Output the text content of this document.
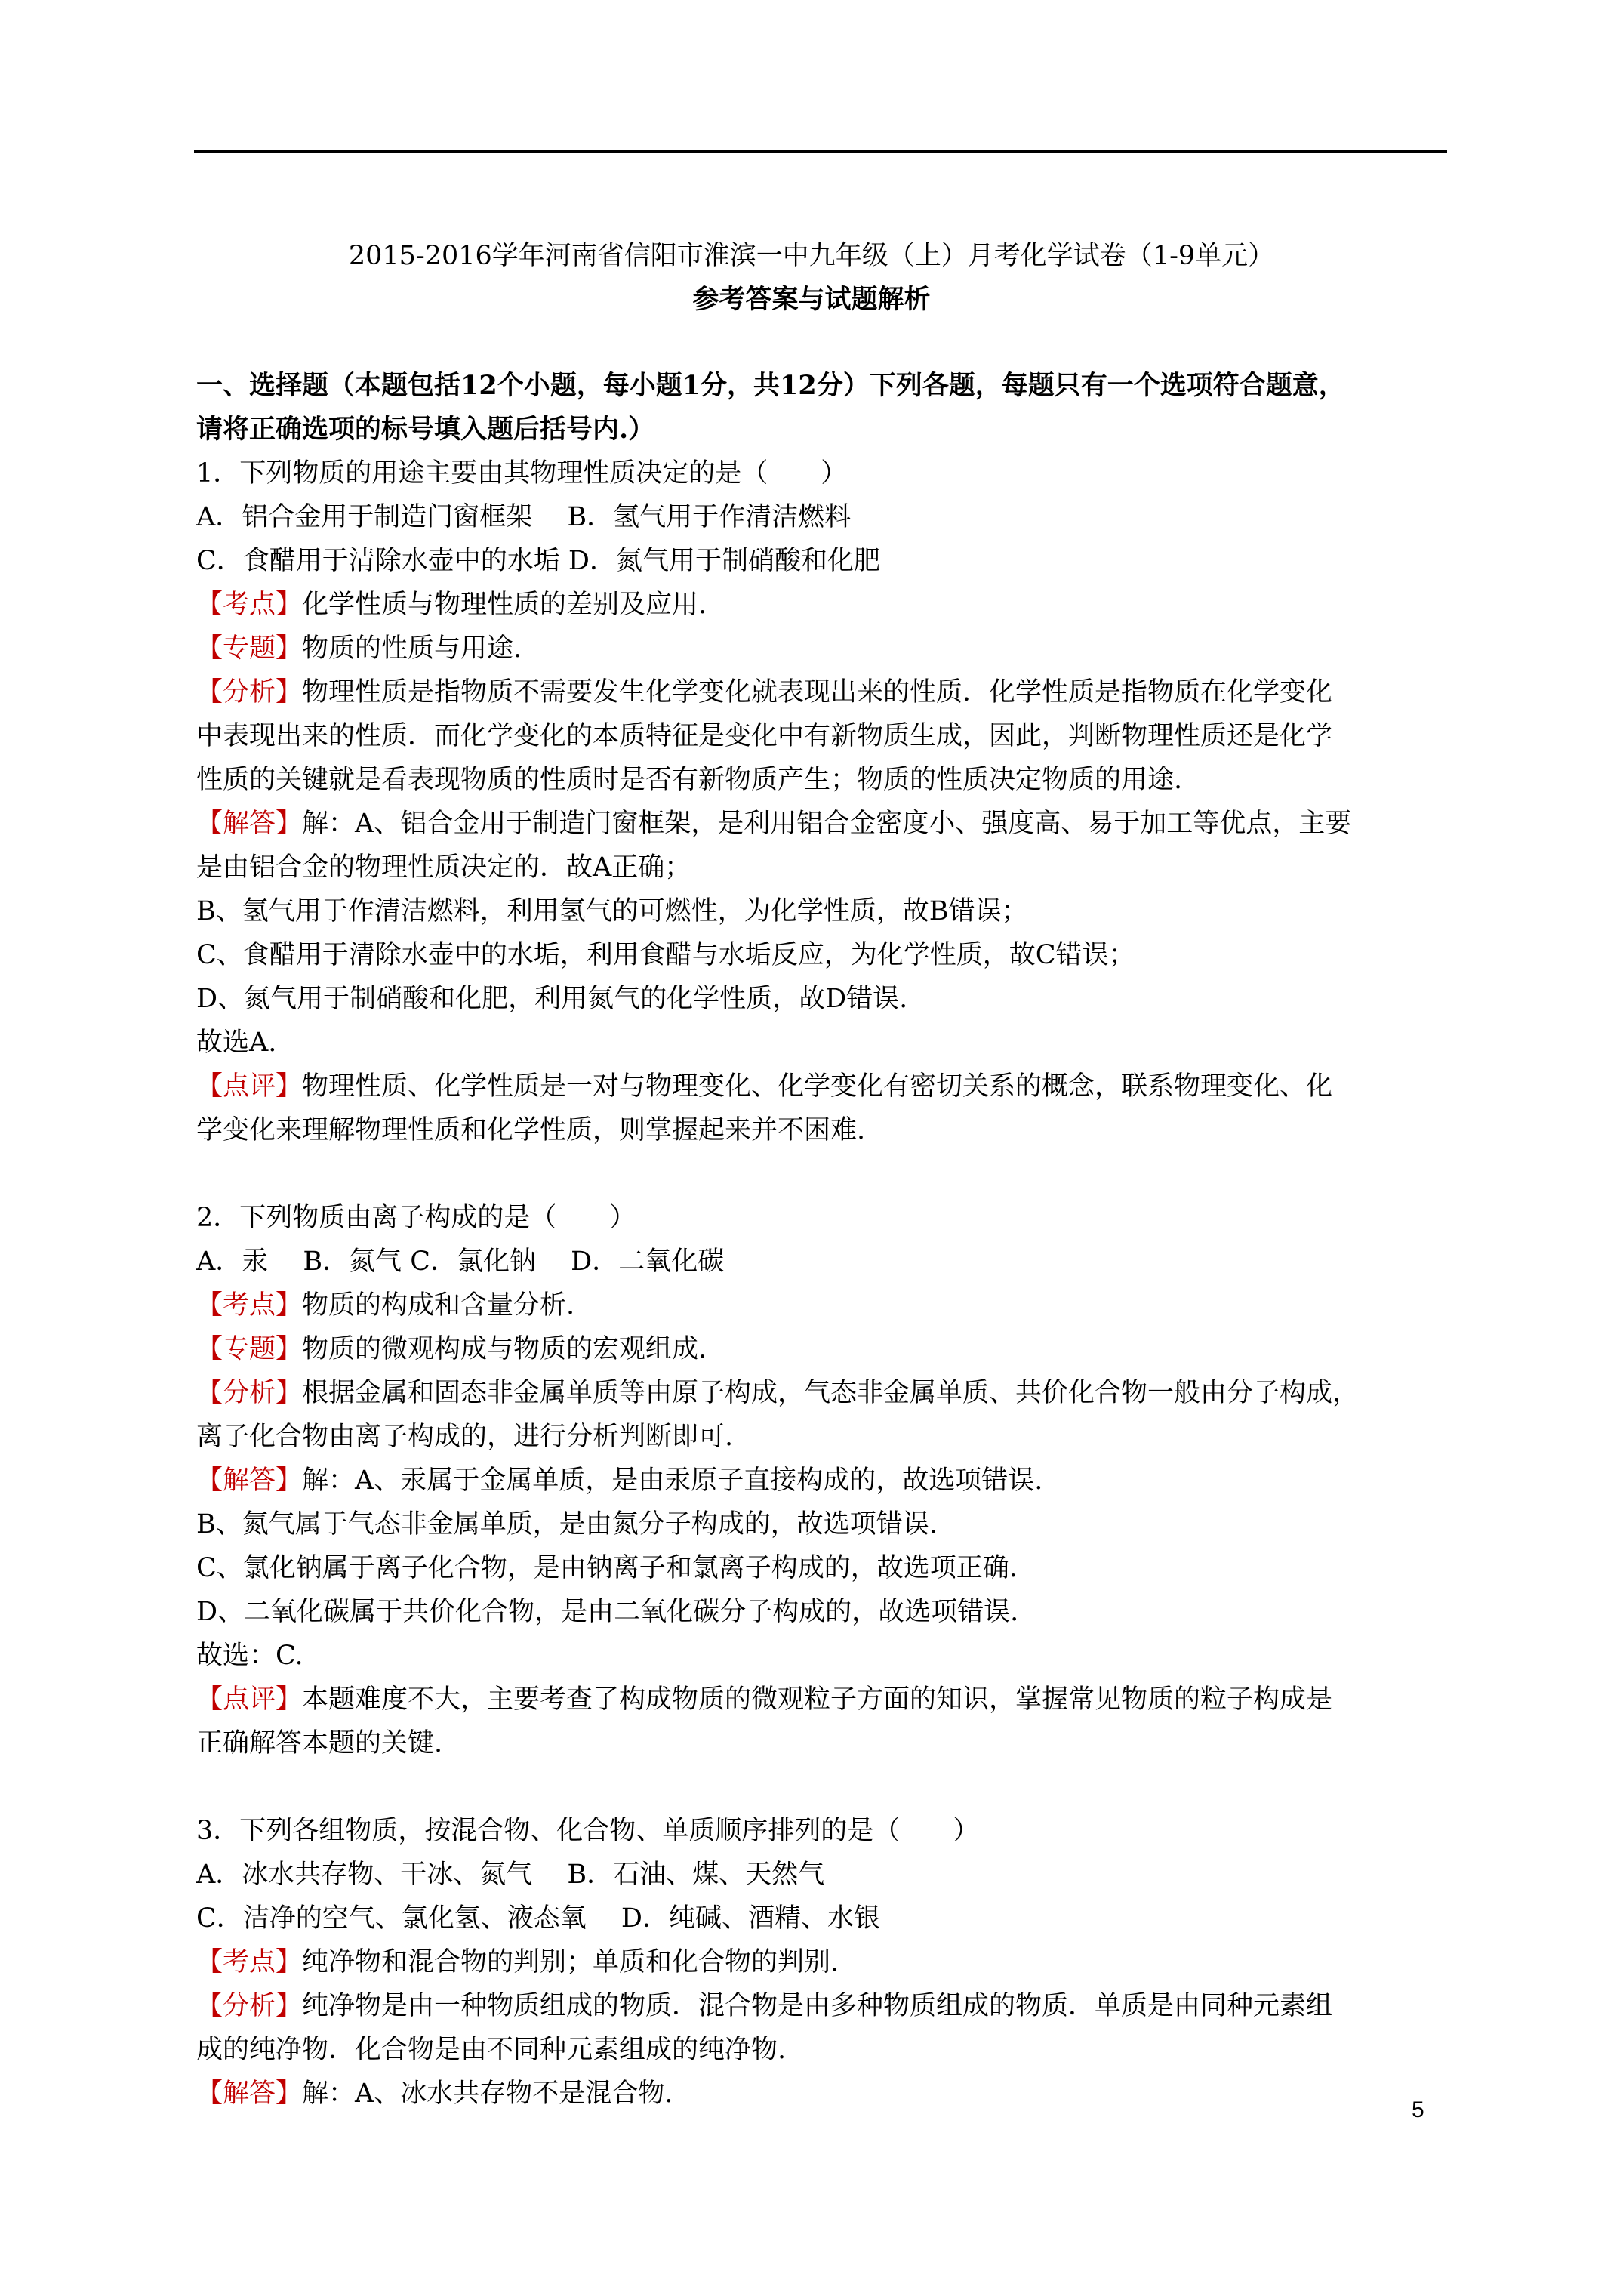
2015-2016学年河南省信阳市淮滨一中九年级（上）月考化学试卷（1-9单元）
参考答案与试题解析
一、选择题（本题包括12个小题，每小题1分，共12分）下列各题，每题只有一个选项符合题意，
请将正确选项的标号填入题后括号内.）
1．下列物质的用途主要由其物理性质决定的是（　　）
A．铝合金用于制造门窗框架　 B．氢气用于作清洁燃料
C．食醋用于清除水壶中的水垢 D．氮气用于制硝酸和化肥
【考点】化学性质与物理性质的差别及应用.
【专题】物质的性质与用途.
【分析】物理性质是指物质不需要发生化学变化就表现出来的性质．化学性质是指物质在化学变化
中表现出来的性质．而化学变化的本质特征是变化中有新物质生成，因此，判断物理性质还是化学
性质的关键就是看表现物质的性质时是否有新物质产生；物质的性质决定物质的用途.
【解答】解：A、铝合金用于制造门窗框架，是利用铝合金密度小、强度高、易于加工等优点，主要
是由铝合金的物理性质决定的．故A正确；
B、氢气用于作清洁燃料，利用氢气的可燃性，为化学性质，故B错误；
C、食醋用于清除水壶中的水垢，利用食醋与水垢反应，为化学性质，故C错误；
D、氮气用于制硝酸和化肥，利用氮气的化学性质，故D错误.
故选A.
【点评】物理性质、化学性质是一对与物理变化、化学变化有密切关系的概念，联系物理变化、化
学变化来理解物理性质和化学性质，则掌握起来并不困难.
2．下列物质由离子构成的是（　　）
A．汞　 B．氮气 C．氯化钠　 D．二氧化碳
【考点】物质的构成和含量分析.
【专题】物质的微观构成与物质的宏观组成.
【分析】根据金属和固态非金属单质等由原子构成，气态非金属单质、共价化合物一般由分子构成，
离子化合物由离子构成的，进行分析判断即可.
【解答】解：A、汞属于金属单质，是由汞原子直接构成的，故选项错误.
B、氮气属于气态非金属单质，是由氮分子构成的，故选项错误.
C、氯化钠属于离子化合物，是由钠离子和氯离子构成的，故选项正确.
D、二氧化碳属于共价化合物，是由二氧化碳分子构成的，故选项错误.
故选：C.
【点评】本题难度不大，主要考查了构成物质的微观粒子方面的知识，掌握常见物质的粒子构成是
正确解答本题的关键.
3．下列各组物质，按混合物、化合物、单质顺序排列的是（　　）
A．冰水共存物、干冰、氮气　 B．石油、煤、天然气
C．洁净的空气、氯化氢、液态氧　 D．纯碱、酒精、水银
【考点】纯净物和混合物的判别；单质和化合物的判别.
【分析】纯净物是由一种物质组成的物质．混合物是由多种物质组成的物质．单质是由同种元素组
成的纯净物．化合物是由不同种元素组成的纯净物.
【解答】解：A、冰水共存物不是混合物.
5
